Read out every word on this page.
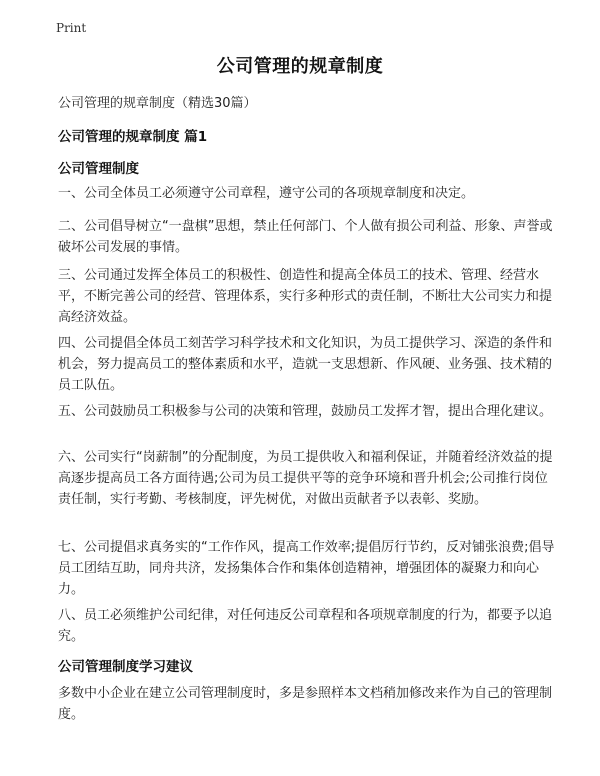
Print
公司管理的规章制度
公司管理的规章制度（精选30篇）
公司管理的规章制度 篇1
公司管理制度
一、公司全体员工必须遵守公司章程，遵守公司的各项规章制度和决定。
二、公司倡导树立“一盘棋”思想，禁止任何部门、个人做有损公司利益、形象、声誉或破坏公司发展的事情。
三、公司通过发挥全体员工的积极性、创造性和提高全体员工的技术、管理、经营水平，不断完善公司的经营、管理体系，实行多种形式的责任制，不断壮大公司实力和提高经济效益。
四、公司提倡全体员工刻苦学习科学技术和文化知识，为员工提供学习、深造的条件和机会，努力提高员工的整体素质和水平，造就一支思想新、作风硬、业务强、技术精的员工队伍。
五、公司鼓励员工积极参与公司的决策和管理，鼓励员工发挥才智，提出合理化建议。
六、公司实行“岗薪制”的分配制度，为员工提供收入和福利保证，并随着经济效益的提高逐步提高员工各方面待遇;公司为员工提供平等的竞争环境和晋升机会;公司推行岗位责任制，实行考勤、考核制度，评先树优，对做出贡献者予以表彰、奖励。
七、公司提倡求真务实的“工作作风，提高工作效率;提倡厉行节约，反对铺张浪费;倡导员工团结互助，同舟共济，发扬集体合作和集体创造精神，增强团体的凝聚力和向心力。
八、员工必须维护公司纪律，对任何违反公司章程和各项规章制度的行为，都要予以追究。
公司管理制度学习建议
多数中小企业在建立公司管理制度时，多是参照样本文档稍加修改来作为自己的管理制度。
